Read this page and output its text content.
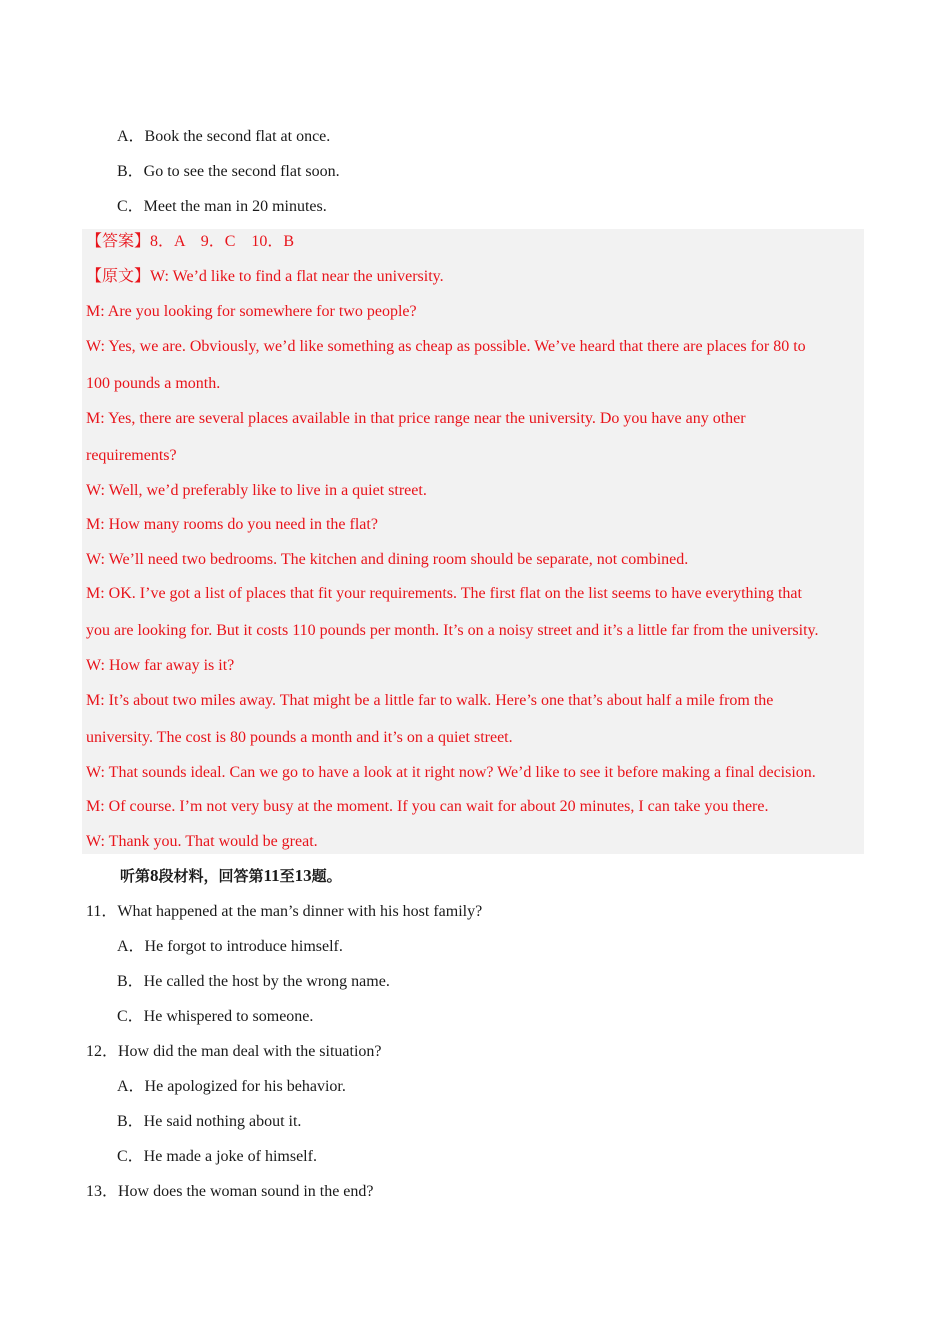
A．Book the second flat at once.
B．Go to see the second flat soon.
C．Meet the man in 20 minutes.
【答案】8．A　9．C　10．B
【原文】W: We’d like to find a flat near the university.
M: Are you looking for somewhere for two people?
W: Yes, we are. Obviously, we’d like something as cheap as possible. We’ve heard that there are places for 80 to
100 pounds a month.
M: Yes, there are several places available in that price range near the university. Do you have any other
requirements?
W: Well, we’d preferably like to live in a quiet street.
M: How many rooms do you need in the flat?
W: We’ll need two bedrooms. The kitchen and dining room should be separate, not combined.
M: OK. I’ve got a list of places that fit your requirements. The first flat on the list seems to have everything that
you are looking for. But it costs 110 pounds per month. It’s on a noisy street and it’s a little far from the university.
W: How far away is it?
M: It’s about two miles away. That might be a little far to walk. Here’s one that’s about half a mile from the
university. The cost is 80 pounds a month and it’s on a quiet street.
W: That sounds ideal. Can we go to have a look at it right now? We’d like to see it before making a final decision.
M: Of course. I’m not very busy at the moment. If you can wait for about 20 minutes, I can take you there.
W: Thank you. That would be great.
听第8段材料，回答第11至13题。
11．What happened at the man’s dinner with his host family?
A．He forgot to introduce himself.
B．He called the host by the wrong name.
C．He whispered to someone.
12．How did the man deal with the situation?
A．He apologized for his behavior.
B．He said nothing about it.
C．He made a joke of himself.
13．How does the woman sound in the end?
